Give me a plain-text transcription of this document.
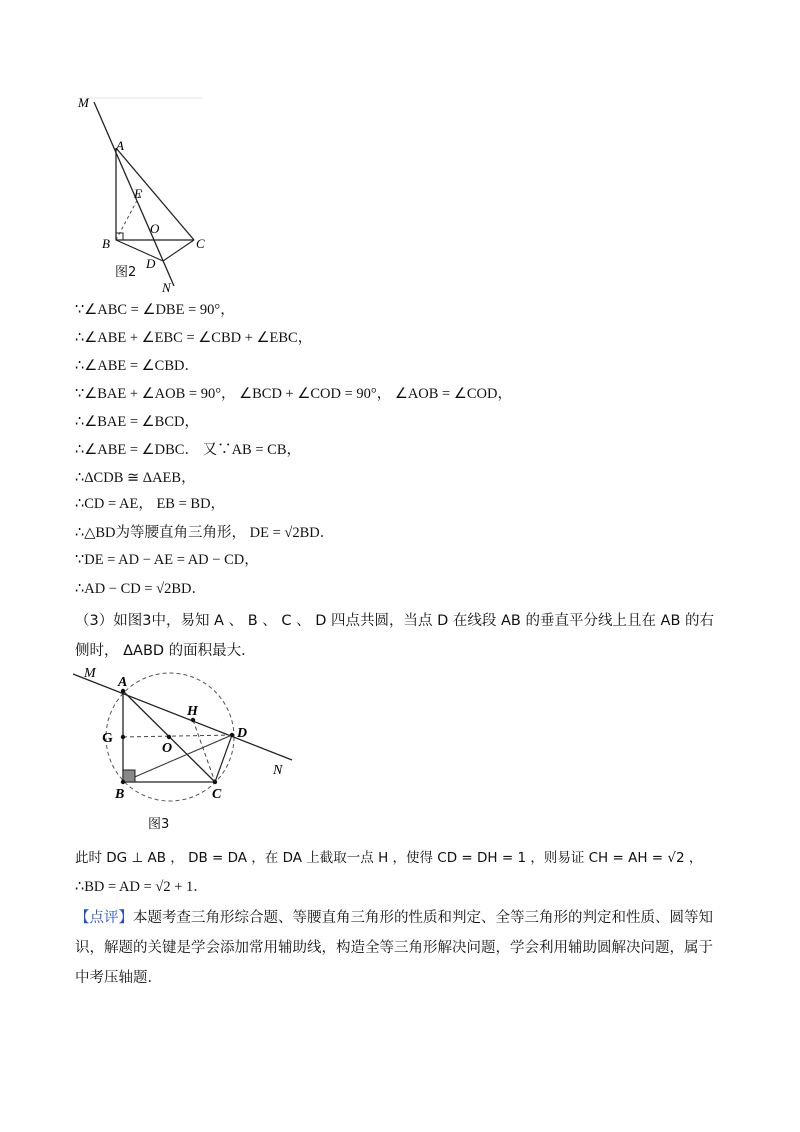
M
A
E
O
B	C
D
N
图2
∵∠ABC = ∠DBE = 90°，
∴∠ABE + ∠EBC = ∠CBD + ∠EBC，
∴∠ABE = ∠CBD．
∵∠BAE + ∠AOB = 90°， ∠BCD + ∠COD = 90°， ∠AOB = ∠COD，
∴∠BAE = ∠BCD，
∴∠ABE = ∠DBC． 又∵AB = CB，
∴ΔCDB ≅ ΔAEB，
∴CD = AE， EB = BD，
∴△BD为等腰直角三角形， DE = √2BD．
∵DE = AD − AE = AD − CD，
∴AD − CD = √2BD．
（3）如图3中，易知 A 、 B 、 C 、 D 四点共圆，当点 D 在线段 AB 的垂直平分线上且在 AB 的右侧时， ΔABD 的面积最大．
M
A
H
D
G
O
B	C
N
图3
此时 DG ⊥ AB ， DB = DA ，在 DA 上截取一点 H ，使得 CD = DH = 1 ，则易证 CH = AH = √2 ，
∴BD = AD = √2 + 1．
【点评】本题考查三角形综合题、等腰直角三角形的性质和判定、全等三角形的判定和性质、圆等知识，解题的关键是学会添加常用辅助线，构造全等三角形解决问题，学会利用辅助圆解决问题，属于中考压轴题．
